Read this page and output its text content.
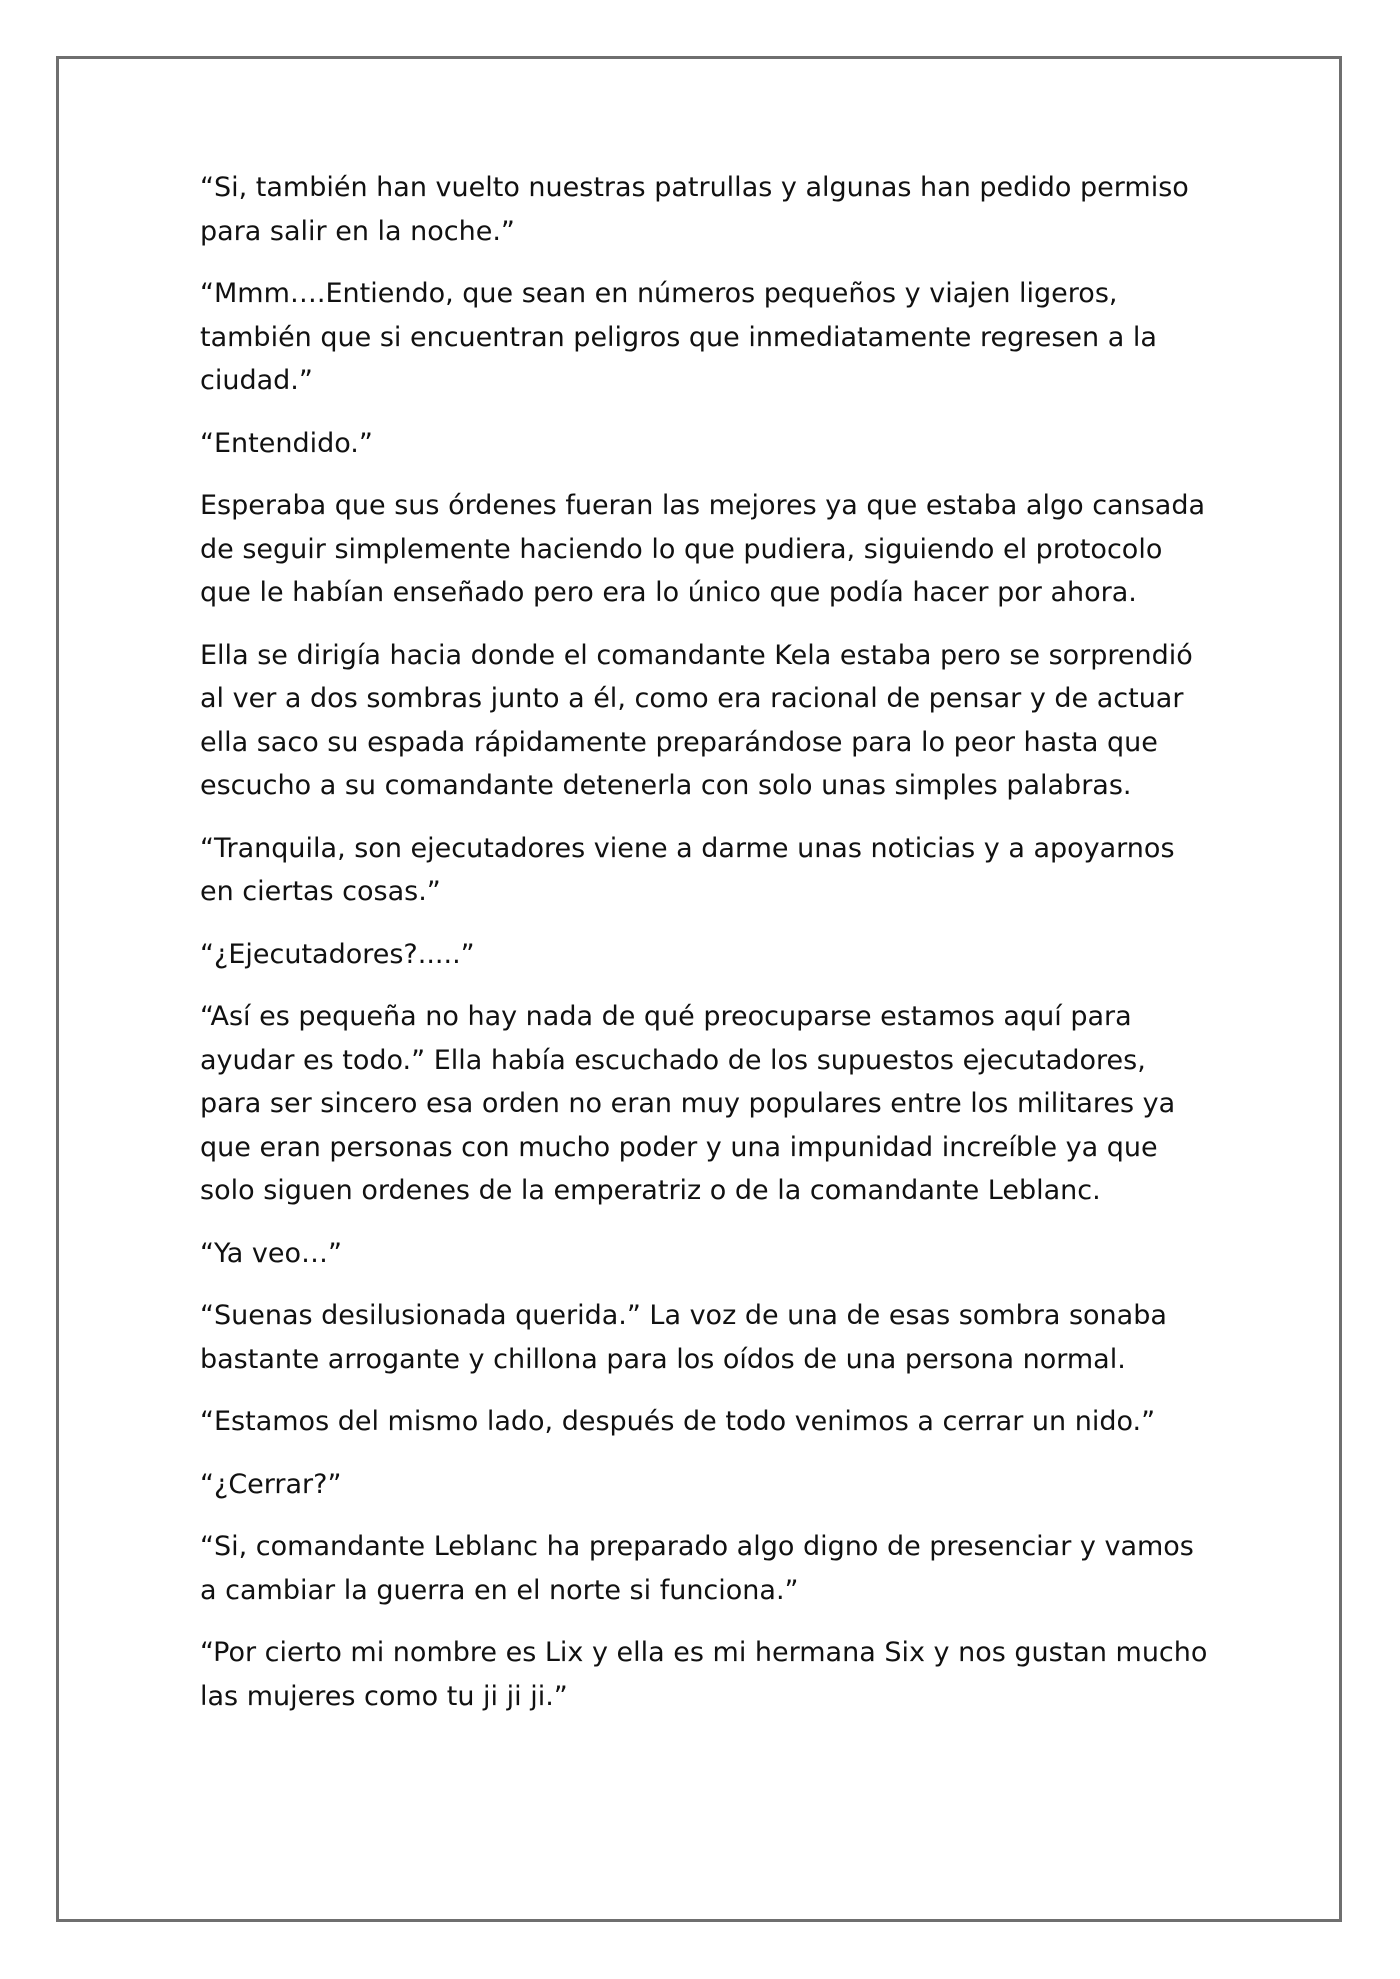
“Si, también han vuelto nuestras patrullas y algunas han pedido permiso para salir en la noche.”

“Mmm….Entiendo, que sean en números pequeños y viajen ligeros, también que si encuentran peligros que inmediatamente regresen a la ciudad.”

“Entendido.”

Esperaba que sus órdenes fueran las mejores ya que estaba algo cansada de seguir simplemente haciendo lo que pudiera, siguiendo el protocolo que le habían enseñado pero era lo único que podía hacer por ahora.

Ella se dirigía hacia donde el comandante Kela estaba pero se sorprendió al ver a dos sombras junto a él, como era racional de pensar y de actuar ella saco su espada rápidamente preparándose para lo peor hasta que escucho a su comandante detenerla con solo unas simples palabras.

“Tranquila, son ejecutadores viene a darme unas noticias y a apoyarnos en ciertas cosas.”

“¿Ejecutadores?.....”

“Así es pequeña no hay nada de qué preocuparse estamos aquí para ayudar es todo.” Ella había escuchado de los supuestos ejecutadores, para ser sincero esa orden no eran muy populares entre los militares ya que eran personas con mucho poder y una impunidad increíble ya que solo siguen ordenes de la emperatriz o de la comandante Leblanc.

“Ya veo…”

“Suenas desilusionada querida.” La voz de una de esas sombra sonaba bastante arrogante y chillona para los oídos de una persona normal.

“Estamos del mismo lado, después de todo venimos a cerrar un nido.”

“¿Cerrar?”

“Si, comandante Leblanc ha preparado algo digno de presenciar y vamos a cambiar la guerra en el norte si funciona.”

“Por cierto mi nombre es Lix y ella es mi hermana Six y nos gustan mucho las mujeres como tu ji ji ji.”
